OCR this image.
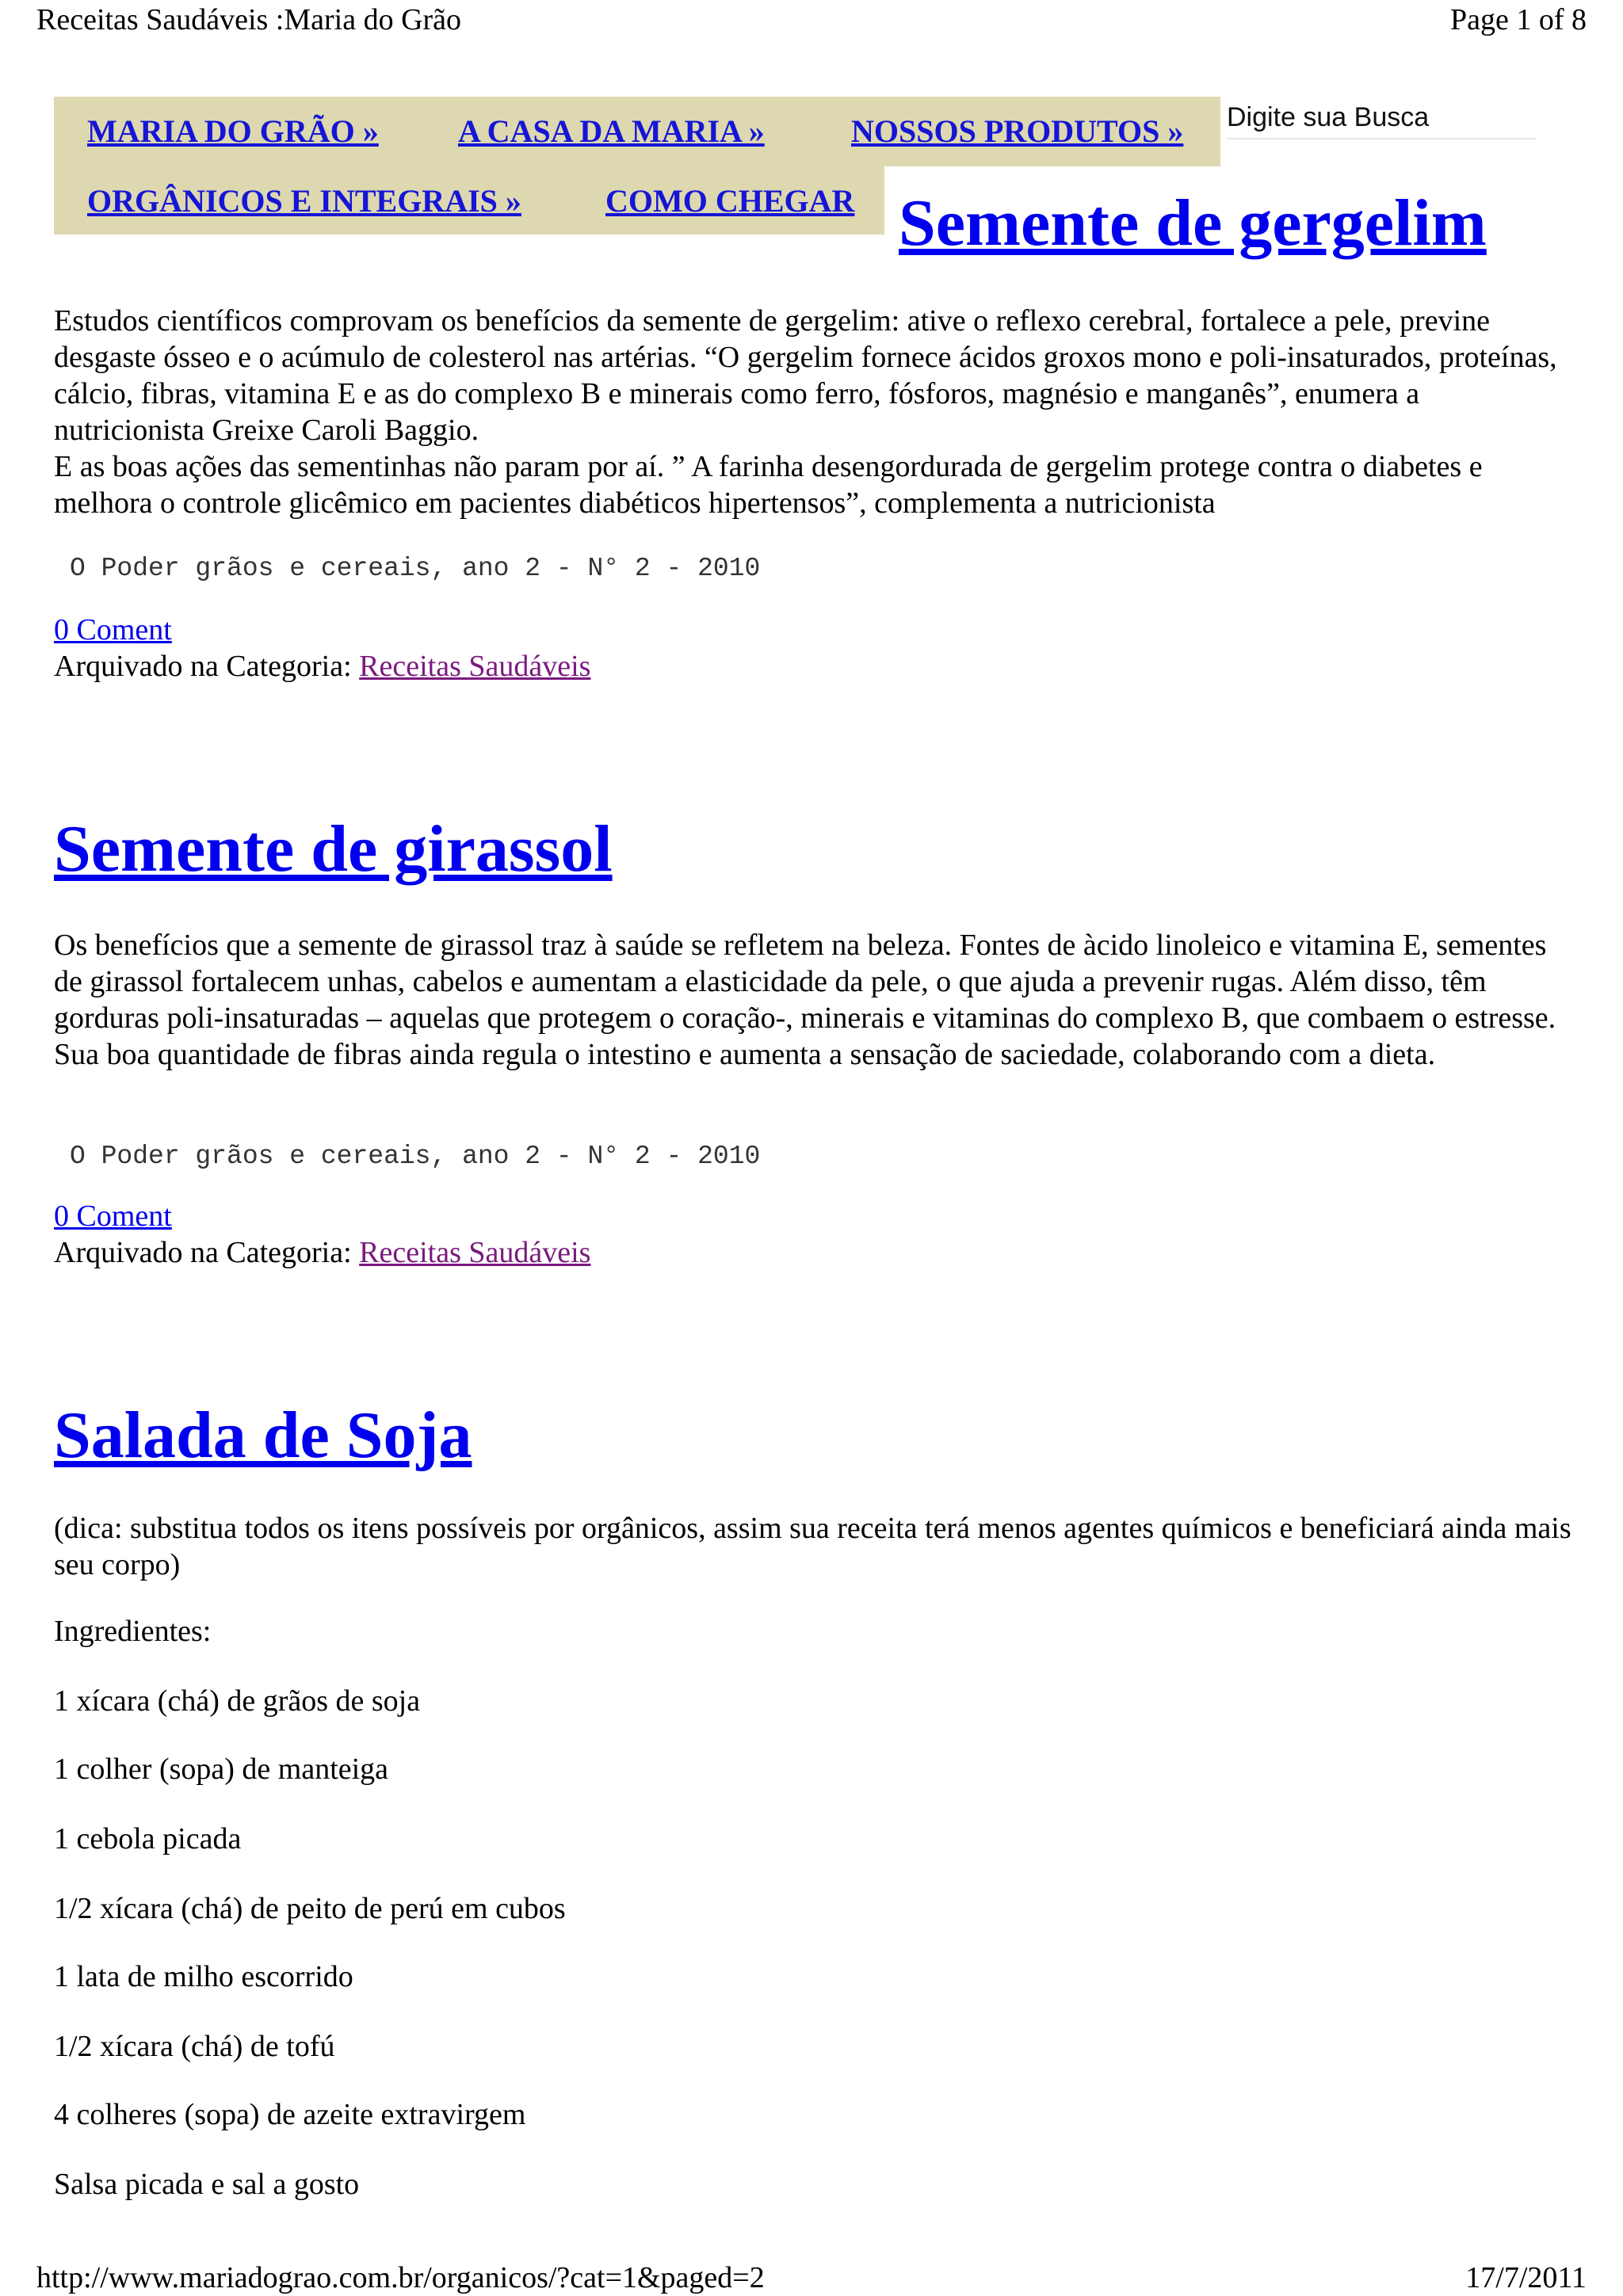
Receitas Saudáveis :Maria do Grão	Page 1 of 8
MARIA DO GRÃO »	A CASA DA MARIA »	NOSSOS PRODUTOS »
ORGÂNICOS E INTEGRAIS »	COMO CHEGAR
Digite sua Busca
Semente de gergelim

Estudos científicos comprovam os benefícios da semente de gergelim: ative o reflexo cerebral, fortalece a pele, previne desgaste ósseo e o acúmulo de colesterol nas artérias. “O gergelim fornece ácidos groxos mono e poli-insaturados, proteínas, cálcio, fibras, vitamina E e as do complexo B e minerais como ferro, fósforos, magnésio e manganês”, enumera a nutricionista Greixe Caroli Baggio.

E as boas ações das sementinhas não param por aí. ” A farinha desengordurada de gergelim protege contra o diabetes e melhora o controle glicêmico em pacientes diabéticos hipertensos”, complementa a nutricionista

O Poder grãos e cereais, ano 2 - N° 2 - 2010
0 Coment
Arquivado na Categoria: Receitas Saudáveis
Semente de girassol

Os benefícios que a semente de girassol traz à saúde se refletem na beleza. Fontes de àcido linoleico e vitamina E, sementes de girassol fortalecem unhas, cabelos e aumentam a elasticidade da pele, o que ajuda a prevenir rugas. Além disso, têm gorduras poli-insaturadas – aquelas que protegem o coração-, minerais e vitaminas do complexo B, que combaem o estresse. Sua boa quantidade de fibras ainda regula o intestino e aumenta a sensação de saciedade, colaborando com a dieta.

O Poder grãos e cereais, ano 2 - N° 2 - 2010
0 Coment
Arquivado na Categoria: Receitas Saudáveis
Salada de Soja

(dica: substitua todos os itens possíveis por orgânicos, assim sua receita terá menos agentes químicos e beneficiará ainda mais seu corpo)

Ingredientes:
1 xícara (chá) de grãos de soja
1 colher (sopa) de manteiga
1 cebola picada
1/2 xícara (chá) de peito de perú em cubos
1 lata de milho escorrido
1/2 xícara (chá) de tofú
4 colheres (sopa) de azeite extravirgem
Salsa picada e sal a gosto
http://www.mariadograo.com.br/organicos/?cat=1&paged=2	17/7/2011
